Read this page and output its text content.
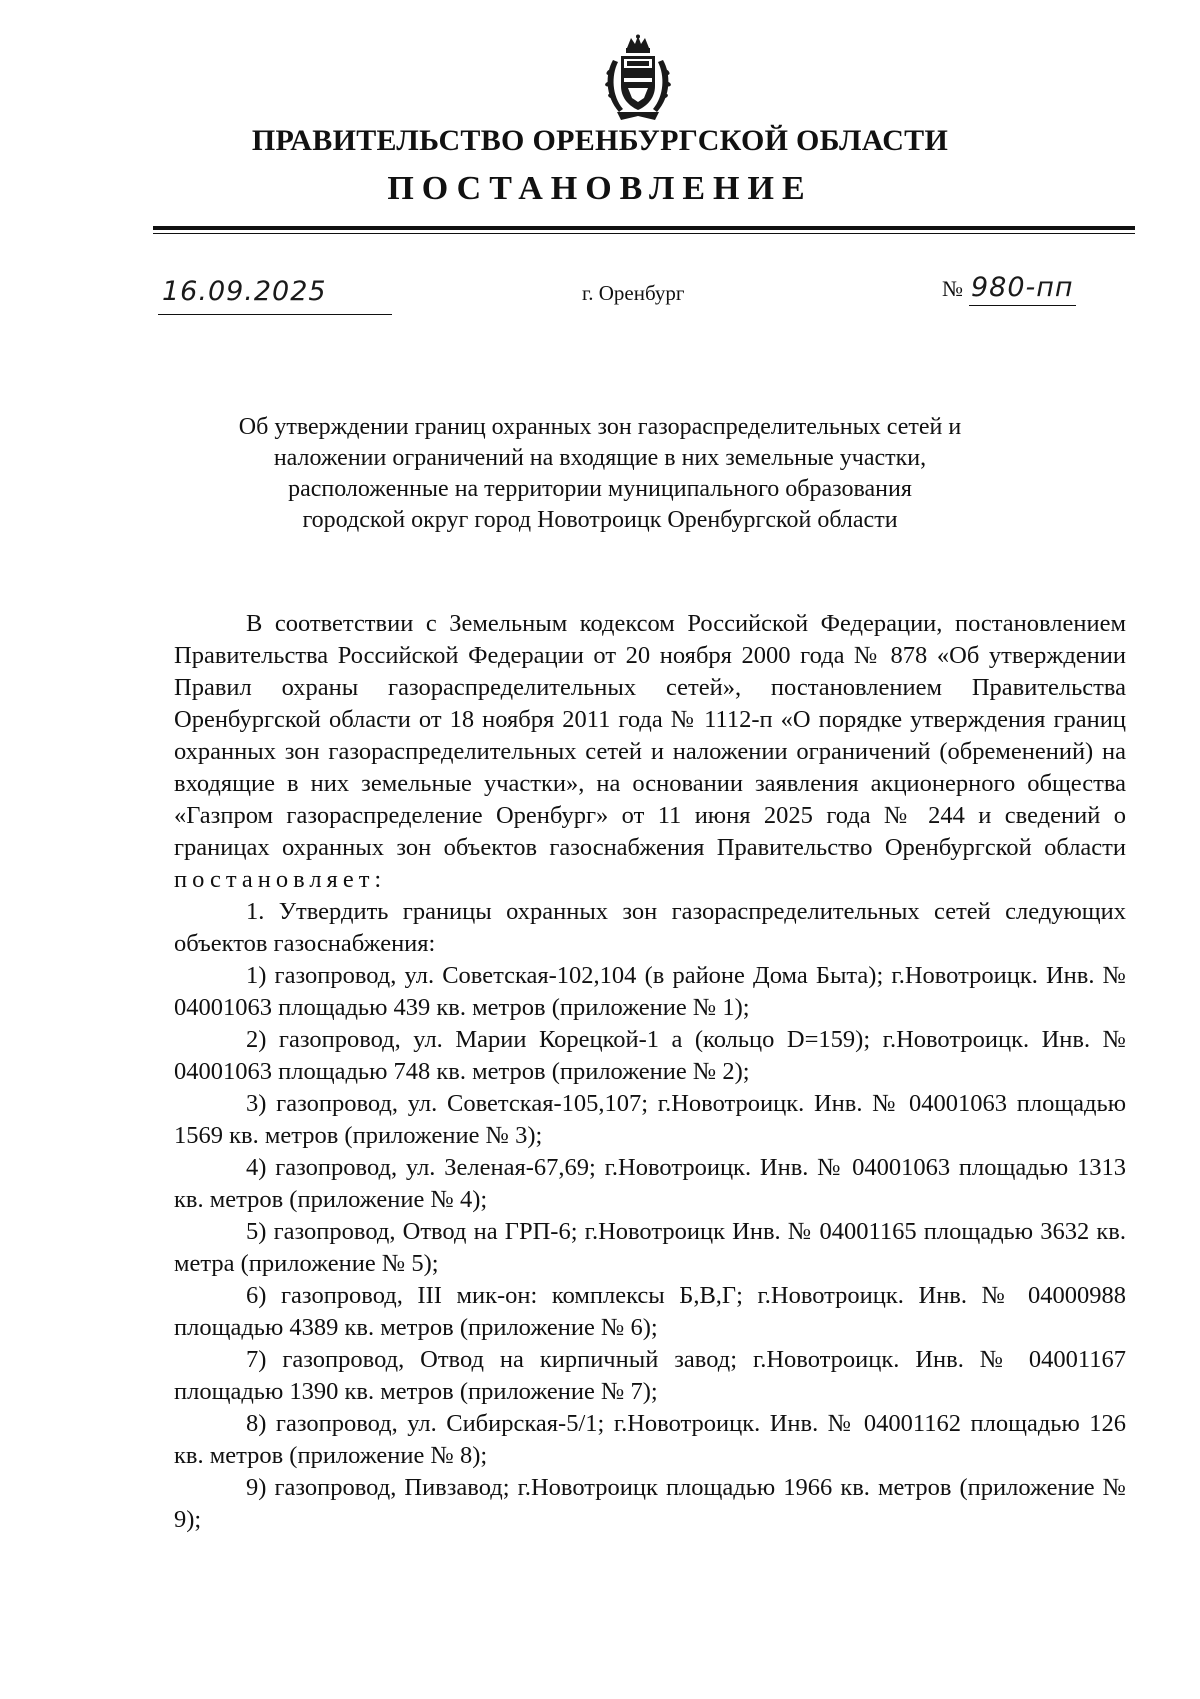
ПРАВИТЕЛЬСТВО ОРЕНБУРГСКОЙ ОБЛАСТИ
ПОСТАНОВЛЕНИЕ
16.09.2025	г. Оренбург	№ 980-пп
Об утверждении границ охранных зон газораспределительных сетей и
наложении ограничений на входящие в них земельные участки,
расположенные на территории муниципального образования
городской округ город Новотроицк Оренбургской области

В соответствии с Земельным кодексом Российской Федерации, постановлением Правительства Российской Федерации от 20 ноября 2000 года № 878 «Об утверждении Правил охраны газораспределительных сетей», постановлением Правительства Оренбургской области от 18 ноября 2011 года № 1112-п «О порядке утверждения границ охранных зон газораспределительных сетей и наложении ограничений (обременений) на входящие в них земельные участки», на основании заявления акционерного общества «Газпром газораспределение Оренбург» от 11 июня 2025 года № 244 и сведений о границах охранных зон объектов газоснабжения Правительство Оренбургской области постановляет:

1. Утвердить границы охранных зон газораспределительных сетей следующих объектов газоснабжения:

1) газопровод, ул. Советская-102,104 (в районе Дома Быта); г.Новотроицк. Инв. № 04001063 площадью 439 кв. метров (приложение № 1);

2) газопровод, ул. Марии Корецкой-1 а (кольцо D=159); г.Новотроицк. Инв. № 04001063 площадью 748 кв. метров (приложение № 2);

3) газопровод, ул. Советская-105,107; г.Новотроицк. Инв. № 04001063 площадью 1569 кв. метров (приложение № 3);

4) газопровод, ул. Зеленая-67,69; г.Новотроицк. Инв. № 04001063 площадью 1313 кв. метров (приложение № 4);

5) газопровод, Отвод на ГРП-6; г.Новотроицк Инв. № 04001165 площадью 3632 кв. метра (приложение № 5);

6) газопровод, III мик-он: комплексы Б,В,Г; г.Новотроицк. Инв. № 04000988 площадью 4389 кв. метров (приложение № 6);

7) газопровод, Отвод на кирпичный завод; г.Новотроицк. Инв. № 04001167 площадью 1390 кв. метров (приложение № 7);

8) газопровод, ул. Сибирская-5/1; г.Новотроицк. Инв. № 04001162 площадью 126 кв. метров (приложение № 8);

9) газопровод, Пивзавод; г.Новотроицк площадью 1966 кв. метров (приложение № 9);
